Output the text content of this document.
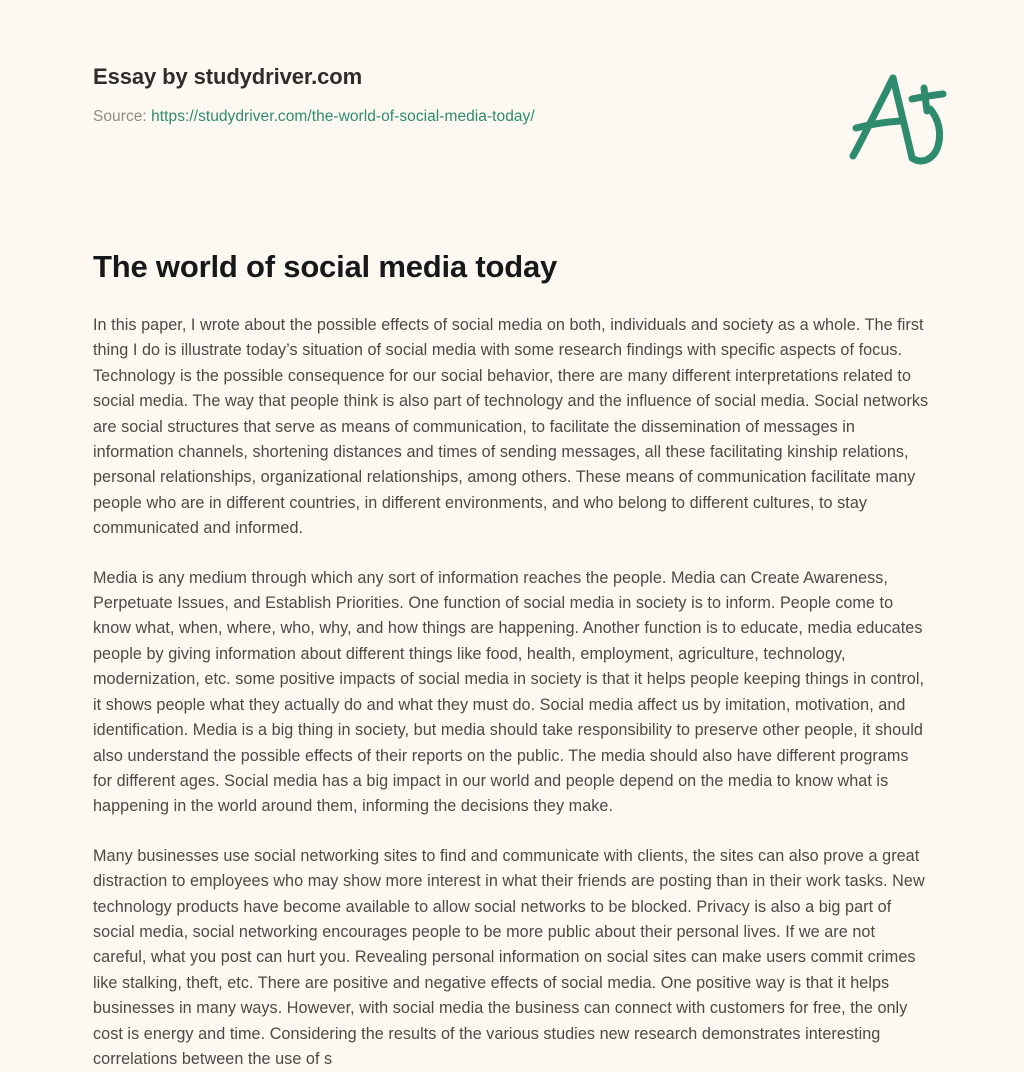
Essay by studydriver.com
Source: https://studydriver.com/the-world-of-social-media-today/
The world of social media today

In this paper, I wrote about the possible effects of social media on both, individuals and society as a whole. The first thing I do is illustrate today’s situation of social media with some research findings with specific aspects of focus. Technology is the possible consequence for our social behavior, there are many different interpretations related to social media. The way that people think is also part of technology and the influence of social media. Social networks are social structures that serve as means of communication, to facilitate the dissemination of messages in information channels, shortening distances and times of sending messages, all these facilitating kinship relations, personal relationships, organizational relationships, among others. These means of communication facilitate many people who are in different countries, in different environments, and who belong to different cultures, to stay communicated and informed.

Media is any medium through which any sort of information reaches the people. Media can Create Awareness, Perpetuate Issues, and Establish Priorities. One function of social media in society is to inform. People come to know what, when, where, who, why, and how things are happening. Another function is to educate, media educates people by giving information about different things like food, health, employment, agriculture, technology, modernization, etc. some positive impacts of social media in society is that it helps people keeping things in control, it shows people what they actually do and what they must do. Social media affect us by imitation, motivation, and identification. Media is a big thing in society, but media should take responsibility to preserve other people, it should also understand the possible effects of their reports on the public. The media should also have different programs for different ages. Social media has a big impact in our world and people depend on the media to know what is happening in the world around them, informing the decisions they make.

Many businesses use social networking sites to find and communicate with clients, the sites can also prove a great distraction to employees who may show more interest in what their friends are posting than in their work tasks. New technology products have become available to allow social networks to be blocked. Privacy is also a big part of social media, social networking encourages people to be more public about their personal lives. If we are not careful, what you post can hurt you. Revealing personal information on social sites can make users commit crimes like stalking, theft, etc. There are positive and negative effects of social media. One positive way is that it helps businesses in many ways. However, with social media the business can connect with customers for free, the only cost is energy and time. Considering the results of the various studies new research demonstrates interesting correlations between the use of s
